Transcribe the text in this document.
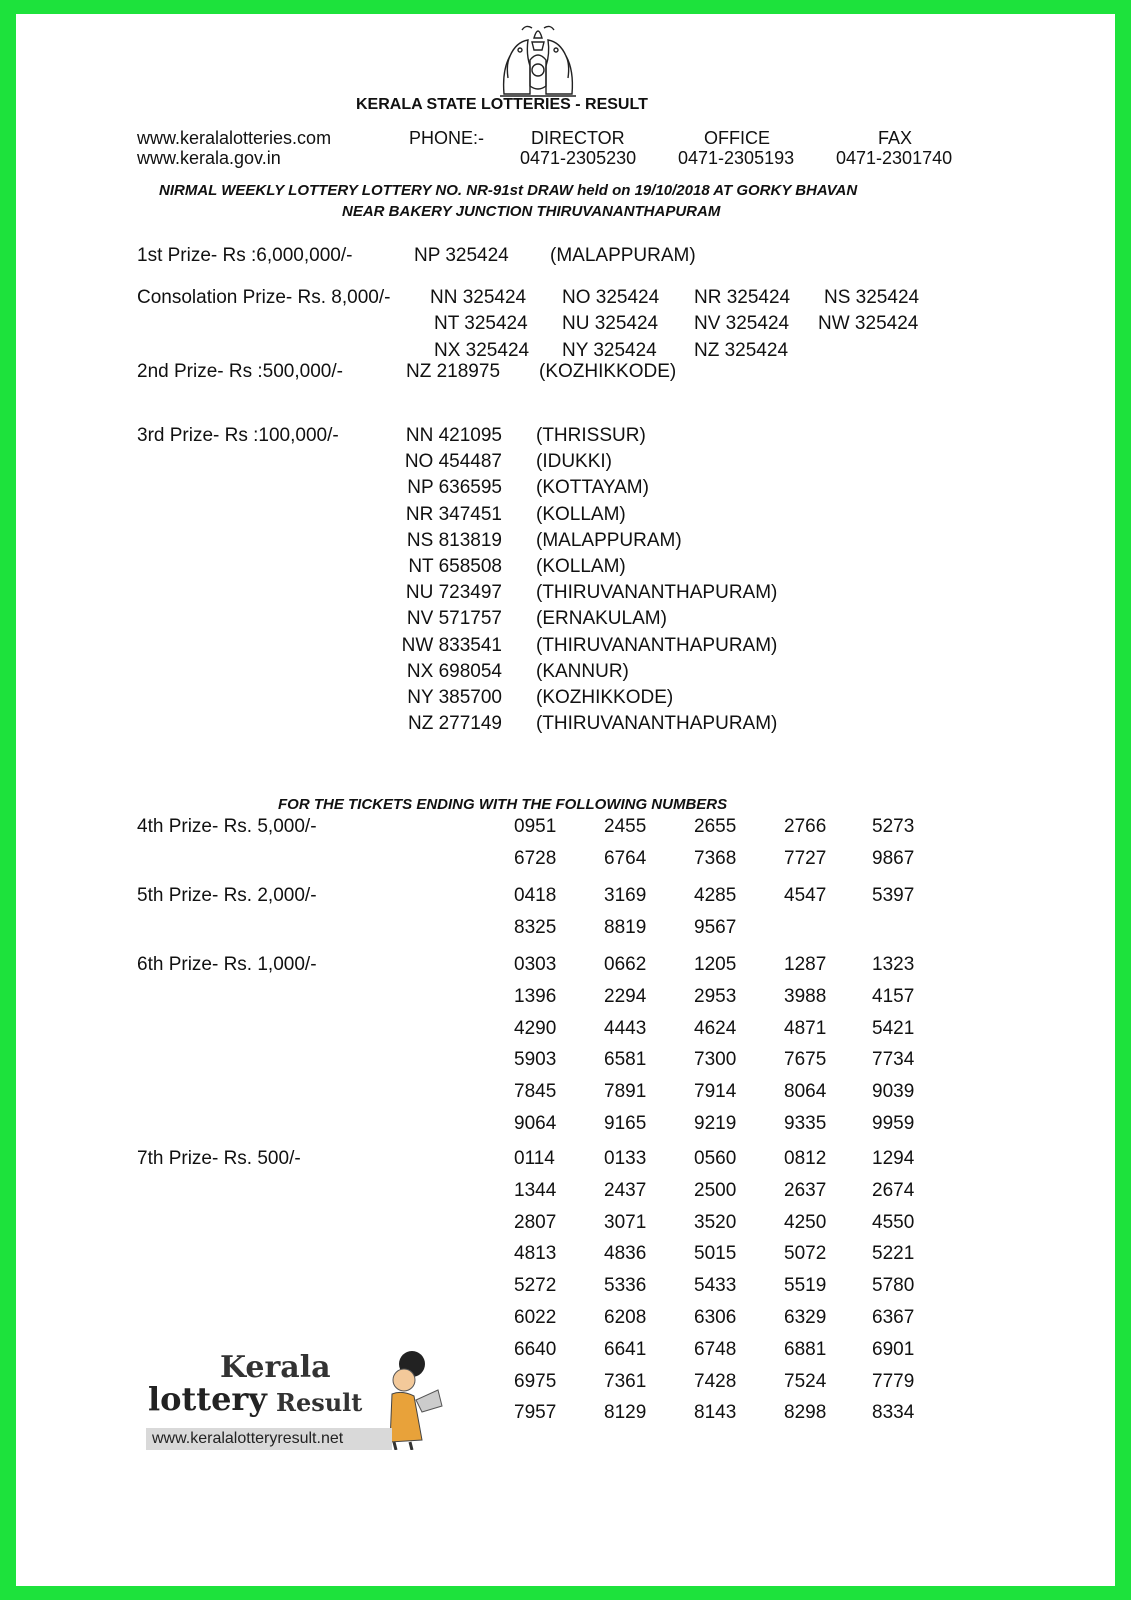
KERALA STATE LOTTERIES - RESULT
www.keralalotteries.com
www.kerala.gov.in
PHONE:-	DIRECTOR
0471-2305230
OFFICE
0471-2305193
FAX
0471-2301740
NIRMAL WEEKLY LOTTERY LOTTERY NO. NR-91st DRAW held on 19/10/2018 AT GORKY BHAVAN
NEAR BAKERY JUNCTION THIRUVANANTHAPURAM
1st Prize- Rs :6,000,000/-	NP 325424 (MALAPPURAM)
Consolation Prize- Rs. 8,000/- NN 325424 NO 325424 NR 325424 NS 325424
NT 325424 NU 325424 NV 325424 NW 325424
NX 325424 NY 325424 NZ 325424
2nd Prize- Rs :500,000/-	NZ 218975 (KOZHIKKODE)
3rd Prize- Rs :100,000/-	NN 421095 (THRISSUR)
NO 454487 (IDUKKI)
NP 636595 (KOTTAYAM)
NR 347451 (KOLLAM)
NS 813819 (MALAPPURAM)
NT 658508 (KOLLAM)
NU 723497 (THIRUVANANTHAPURAM)
NV 571757 (ERNAKULAM)
NW 833541 (THIRUVANANTHAPURAM)
NX 698054 (KANNUR)
NY 385700 (KOZHIKKODE)
NZ 277149 (THIRUVANANTHAPURAM)
FOR THE TICKETS ENDING WITH THE FOLLOWING NUMBERS
4th Prize- Rs. 5,000/-	0951	2455	2655	2766 5273
6728	6764	7368	7727 9867
5th Prize- Rs. 2,000/-	0418	3169	4285	4547 5397
8325	8819	9567
6th Prize- Rs. 1,000/-	0303	0662	1205	1287 1323
1396	2294	2953	3988 4157
4290	4443	4624	4871 5421
5903	6581	7300	7675 7734
7845	7891	7914	8064 9039
9064	9165	9219	9335 9959
7th Prize- Rs. 500/-	0114	0133	0560	0812 1294
1344	2437	2500	2637 2674
2807	3071	3520	4250 4550
4813	4836	5015	5072 5221
5272	5336	5433	5519 5780
6022	6208	6306	6329 6367
6640	6641	6748	6881 6901
6975	7361	7428	7524 7779
7957	8129	8143	8298 8334
Kerala
lottery Result
www.keralalotteryresult.net
